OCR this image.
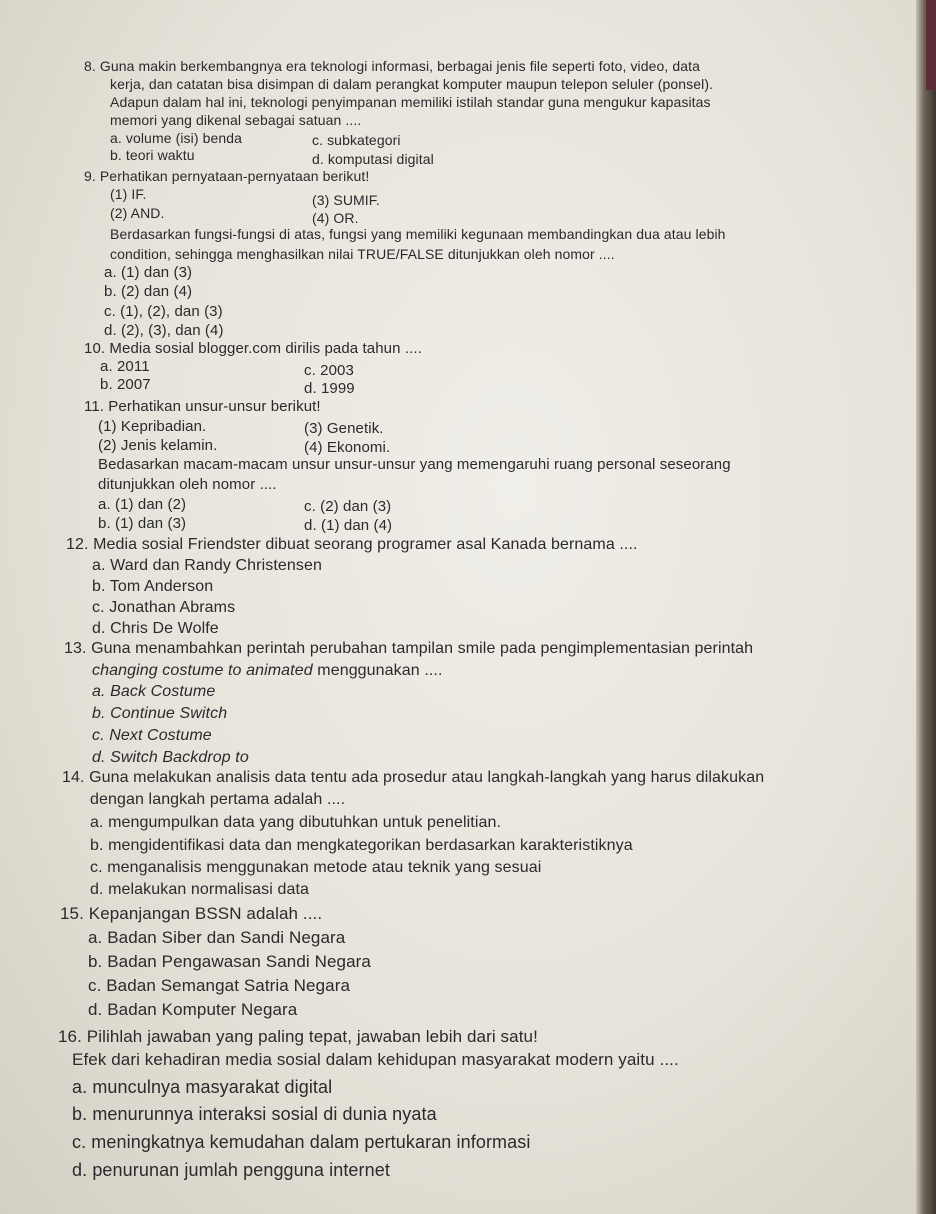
8. Guna makin berkembangnya era teknologi informasi, berbagai jenis file seperti foto, video, data
kerja, dan catatan bisa disimpan di dalam perangkat komputer maupun telepon seluler (ponsel).
Adapun dalam hal ini, teknologi penyimpanan memiliki istilah standar guna mengukur kapasitas
memori yang dikenal sebagai satuan ....
a. volume (isi) benda	c. subkategori
b. teori waktu	d. komputasi digital
9. Perhatikan pernyataan-pernyataan berikut!
(1) IF.	(3) SUMIF.
(2) AND.	(4) OR.
Berdasarkan fungsi-fungsi di atas, fungsi yang memiliki kegunaan membandingkan dua atau lebih
condition, sehingga menghasilkan nilai TRUE/FALSE ditunjukkan oleh nomor ....
a. (1) dan (3)
b. (2) dan (4)
c. (1), (2), dan (3)
d. (2), (3), dan (4)
10. Media sosial blogger.com dirilis pada tahun ....
a. 2011	c. 2003
b. 2007	d. 1999
11. Perhatikan unsur-unsur berikut!
(1) Kepribadian.	(3) Genetik.
(2) Jenis kelamin.	(4) Ekonomi.
Bedasarkan macam-macam unsur unsur-unsur yang memengaruhi ruang personal seseorang
ditunjukkan oleh nomor ....
a. (1) dan (2)	c. (2) dan (3)
b. (1) dan (3)	d. (1) dan (4)
12. Media sosial Friendster dibuat seorang programer asal Kanada bernama ....
a. Ward dan Randy Christensen
b. Tom Anderson
c. Jonathan Abrams
d. Chris De Wolfe
13. Guna menambahkan perintah perubahan tampilan smile pada pengimplementasian perintah
changing costume to animated menggunakan ....
a. Back Costume
b. Continue Switch
c. Next Costume
d. Switch Backdrop to
14. Guna melakukan analisis data tentu ada prosedur atau langkah-langkah yang harus dilakukan
dengan langkah pertama adalah ....
a. mengumpulkan data yang dibutuhkan untuk penelitian.
b. mengidentifikasi data dan mengkategorikan berdasarkan karakteristiknya
c. menganalisis menggunakan metode atau teknik yang sesuai
d. melakukan normalisasi data
15. Kepanjangan BSSN adalah ....
a. Badan Siber dan Sandi Negara
b. Badan Pengawasan Sandi Negara
c. Badan Semangat Satria Negara
d. Badan Komputer Negara
16. Pilihlah jawaban yang paling tepat, jawaban lebih dari satu!
Efek dari kehadiran media sosial dalam kehidupan masyarakat modern yaitu ....
a. munculnya masyarakat digital
b. menurunnya interaksi sosial di dunia nyata
c. meningkatnya kemudahan dalam pertukaran informasi
d. penurunan jumlah pengguna internet
